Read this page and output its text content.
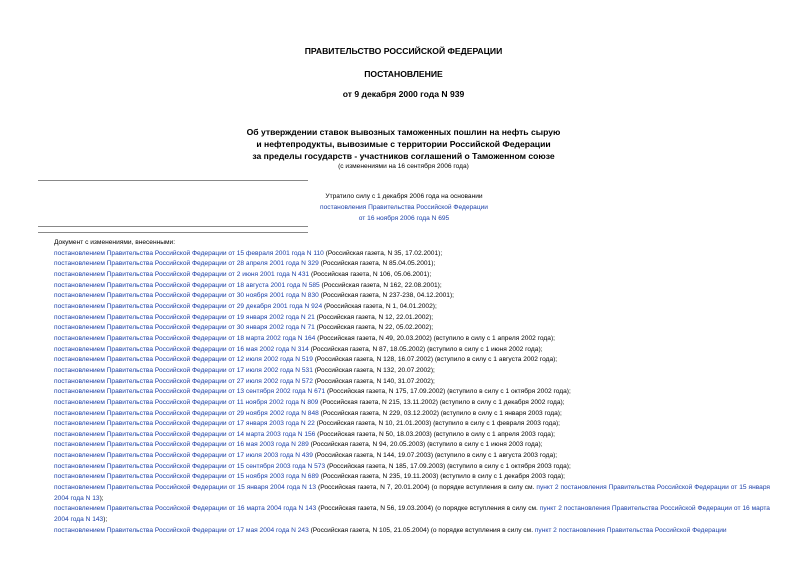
ПРАВИТЕЛЬСТВО РОССИЙСКОЙ ФЕДЕРАЦИИ
ПОСТАНОВЛЕНИЕ
от 9 декабря 2000 года N 939
Об утверждении ставок вывозных таможенных пошлин на нефть сырую
и нефтепродукты, вывозимые с территории Российской Федерации
за пределы государств - участников соглашений о Таможенном союзе
(с изменениями на 16 сентября 2006 года)
Утратило силу с 1 декабря 2006 года на основании
постановления Правительства Российской Федерации
от 16 ноября 2006 года N 695
Документ с изменениями, внесенными:
постановлением Правительства Российской Федерации от 15 февраля 2001 года N 110 (Российская газета, N 35, 17.02.2001);
постановлением Правительства Российской Федерации от 28 апреля 2001 года N 329 (Российская газета, N 85.04.05.2001);
постановлением Правительства Российской Федерации от 2 июня 2001 года N 431 (Российская газета, N 106, 05.06.2001);
постановлением Правительства Российской Федерации от 18 августа 2001 года N 585 (Российская газета, N 162, 22.08.2001);
постановлением Правительства Российской Федерации от 30 ноября 2001 года N 830 (Российская газета, N 237-238, 04.12.2001);
постановлением Правительства Российской Федерации от 29 декабря 2001 года N 924 (Российская газета, N 1, 04.01.2002);
постановлением Правительства Российской Федерации от 19 января 2002 года N 21 (Российская газета, N 12, 22.01.2002);
постановлением Правительства Российской Федерации от 30 января 2002 года N 71 (Российская газета, N 22, 05.02.2002);
постановлением Правительства Российской Федерации от 18 марта 2002 года N 164 (Российская газета, N 49, 20.03.2002) (вступило в силу с 1 апреля 2002 года);
постановлением Правительства Российской Федерации от 16 мая 2002 года N 314 (Российская газета, N 87, 18.05.2002) (вступило в силу с 1 июня 2002 года);
постановлением Правительства Российской Федерации от 12 июля 2002 года N 519 (Российская газета, N 128, 16.07.2002) (вступило в силу с 1 августа 2002 года);
постановлением Правительства Российской Федерации от 17 июля 2002 года N 531 (Российская газета, N 132, 20.07.2002);
постановлением Правительства Российской Федерации от 27 июля 2002 года N 572 (Российская газета, N 140, 31.07.2002);
постановлением Правительства Российской Федерации от 13 сентября 2002 года N 671 (Российская газета, N 175, 17.09.2002) (вступило в силу с 1 октября 2002 года);
постановлением Правительства Российской Федерации от 11 ноября 2002 года N 809 (Российская газета, N 215, 13.11.2002) (вступило в силу с 1 декабря 2002 года);
постановлением Правительства Российской Федерации от 29 ноября 2002 года N 848 (Российская газета, N 229, 03.12.2002) (вступило в силу с 1 января 2003 года);
постановлением Правительства Российской Федерации от 17 января 2003 года N 22 (Российская газета, N 10, 21.01.2003) (вступило в силу с 1 февраля 2003 года);
постановлением Правительства Российской Федерации от 14 марта 2003 года N 156 (Российская газета, N 50, 18.03.2003) (вступило в силу с 1 апреля 2003 года);
постановлением Правительства Российской Федерации от 16 мая 2003 года N 289 (Российская газета, N 94, 20.05.2003) (вступило в силу с 1 июня 2003 года);
постановлением Правительства Российской Федерации от 17 июля 2003 года N 439 (Российская газета, N 144, 19.07.2003) (вступило в силу с 1 августа 2003 года);
постановлением Правительства Российской Федерации от 15 сентября 2003 года N 573 (Российская газета, N 185, 17.09.2003) (вступило в силу с 1 октября 2003 года);
постановлением Правительства Российской Федерации от 15 ноября 2003 года N 689 (Российская газета, N 235, 19.11.2003) (вступило в силу с 1 декабря 2003 года);
постановлением Правительства Российской Федерации от 15 января 2004 года N 13 (Российская газета, N 7, 20.01.2004) (о порядке вступления в силу см. пункт 2 постановления Правительства Российской Федерации от 15 января 2004 года N 13);
постановлением Правительства Российской Федерации от 16 марта 2004 года N 143 (Российская газета, N 56, 19.03.2004) (о порядке вступления в силу см. пункт 2 постановления Правительства Российской Федерации от 16 марта 2004 года N 143);
постановлением Правительства Российской Федерации от 17 мая 2004 года N 243 (Российская газета, N 105, 21.05.2004) (о порядке вступления в силу см. пункт 2 постановления Правительства Российской Федерации
